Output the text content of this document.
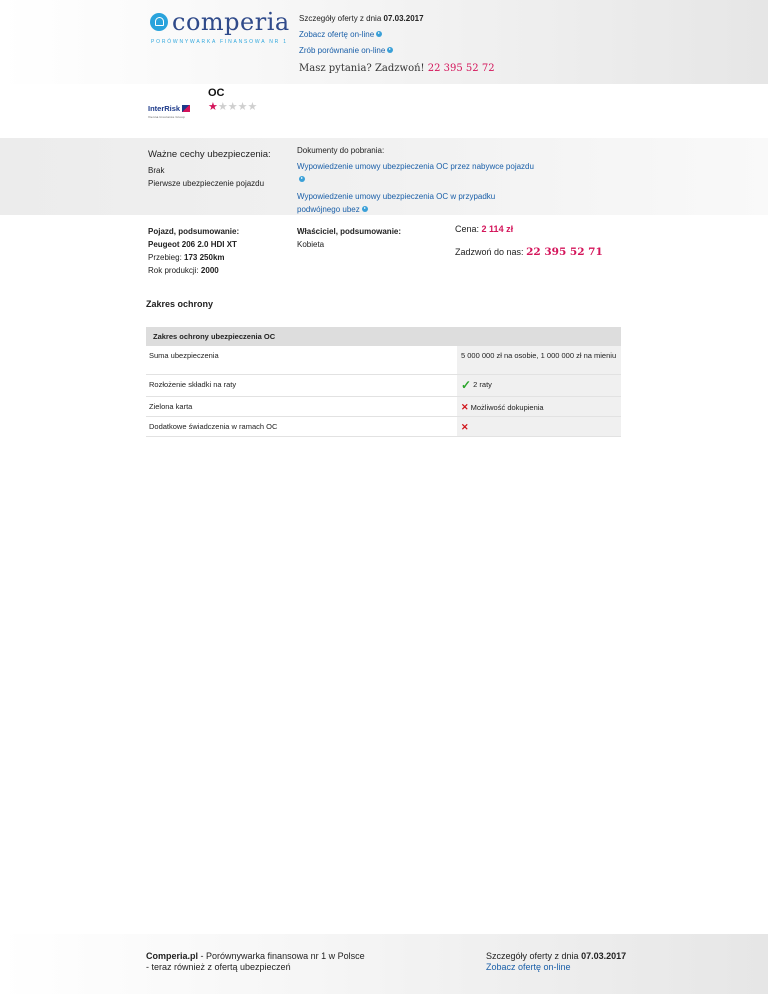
comperia
PORÓWNYWARKA FINANSOWA NR 1
Szczegóły oferty z dnia 07.03.2017
Zobacz ofertę on-line
Zrób porównanie on-line
Masz pytania? Zadzwoń! 22 395 52 72
InterRisk
Vienna Insurance Group
OC
★★★★★
Ważne cechy ubezpieczenia:
Brak
Pierwsze ubezpieczenie pojazdu
Dokumenty do pobrania:
Wypowiedzenie umowy ubezpieczenia OC przez nabywce pojazdu

Wypowiedzenie umowy ubezpieczenia OC w przypadku podwójnego ubez
Pojazd, podsumowanie:
Peugeot 206 2.0 HDI XT
Przebieg: 173 250km
Rok produkcji: 2000
Właściciel, podsumowanie:
Kobieta
Cena: 2 114 zł
Zadzwoń do nas: 22 395 52 71
Zakres ochrony
Zakres ochrony ubezpieczenia OC	
Suma ubezpieczenia	5 000 000 zł na osobie, 1 000 000 zł na mieniu
Rozłożenie składki na raty	✓ 2 raty
Zielona karta	✕ Możliwość dokupienia
Dodatkowe świadczenia w ramach OC	✕
Comperia.pl - Porównywarka finansowa nr 1 w Polsce
- teraz również z ofertą ubezpieczeń
Szczegóły oferty z dnia 07.03.2017
Zobacz ofertę on-line
